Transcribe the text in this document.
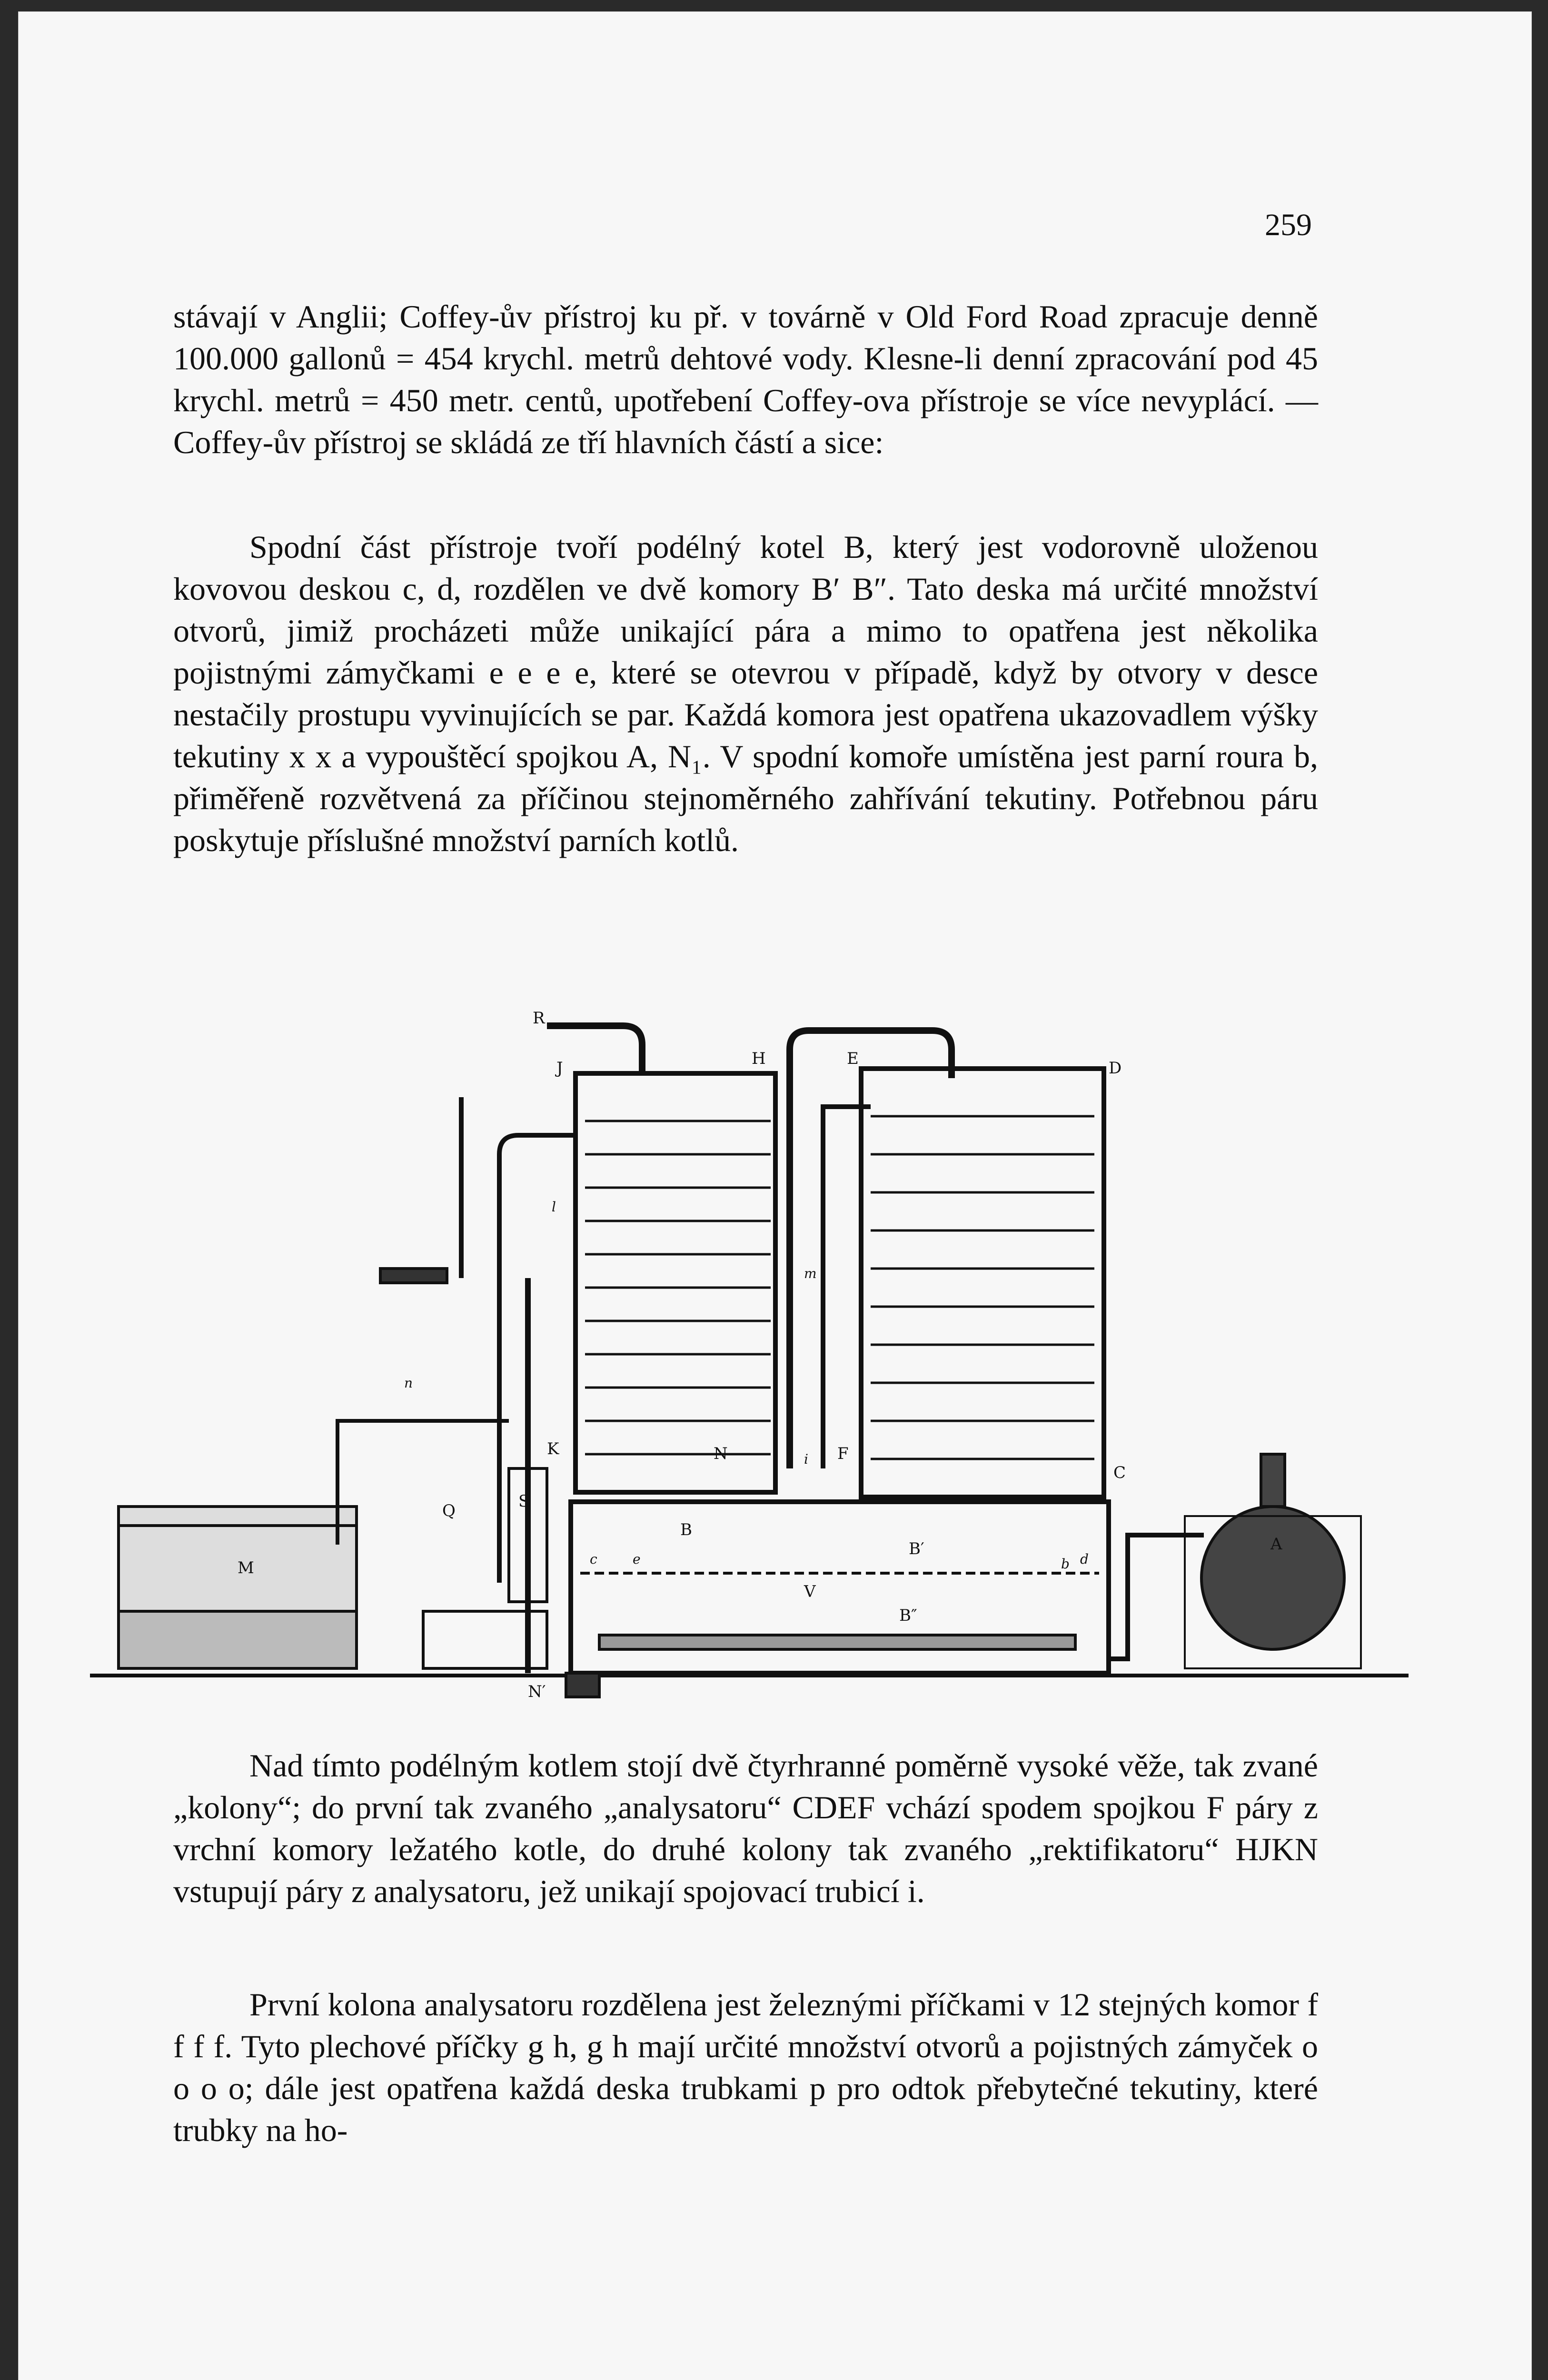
259

stávají v Anglii; Coffey-ův přístroj ku př. v továrně v Old Ford Road zpracuje denně 100.000 gallonů = 454 krychl. metrů dehtové vody. Klesne-li denní zpracování pod 45 krychl. metrů = 450 metr. centů, upotřebení Coffey-ova přístroje se více nevyplácí. — Coffey-ův přístroj se skládá ze tří hlavních částí a sice:

Spodní část přístroje tvoří podélný kotel B, který jest vodorovně uloženou kovovou deskou c, d, rozdělen ve dvě komory B′ B″. Tato deska má určité množství otvorů, jimiž procházeti může unikající pára a mimo to opatřena jest několika pojistnými zámyčkami e e e e, které se otevrou v případě, když by otvory v desce nestačily prostupu vyvinujících se par. Každá komora jest opatřena ukazovadlem výšky tekutiny x x a vypouštěcí spojkou A, N₁. V spodní komoře umístěna jest parní roura b, přiměřeně rozvětvená za příčinou stejnoměrného zahřívání tekutiny. Potřebnou páru poskytuje příslušné množství parních kotlů.

R
J	H	E	D
C
F
K
S
Q
M
A
B
B′
B″
N
N′
V
n
m
l
b
c	d
e
i

Nad tímto podélným kotlem stojí dvě čtyrhranné poměrně vysoké věže, tak zvané „kolony“; do první tak zvaného „analysatoru“ CDEF vchází spodem spojkou F páry z vrchní komory ležatého kotle, do druhé kolony tak zvaného „rektifikatoru“ HJKN vstupují páry z analysatoru, jež unikají spojovací trubicí i.

První kolona analysatoru rozdělena jest železnými příčkami v 12 stejných komor f f f f. Tyto plechové příčky g h, g h mají určité množství otvorů a pojistných zámyček o o o o; dále jest opatřena každá deska trubkami p pro odtok přebytečné tekutiny, které trubky na ho-
